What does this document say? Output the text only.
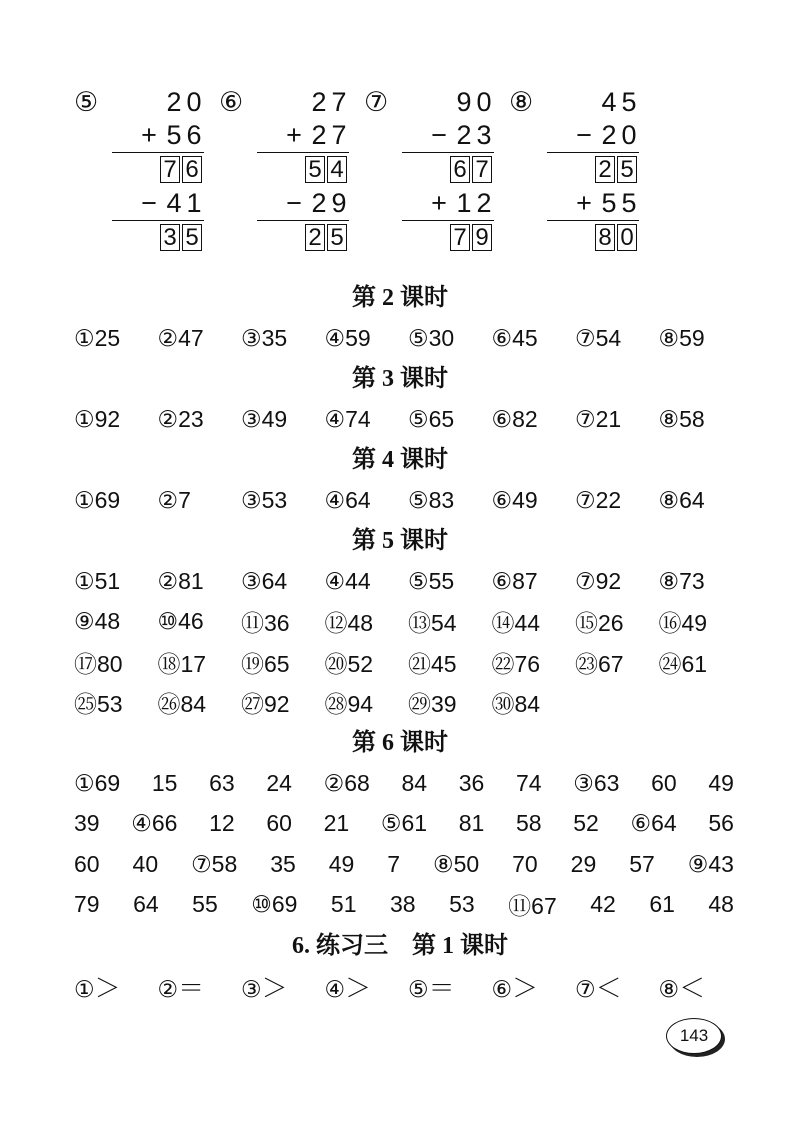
⑤	2 0
+ 5 6
7 6
− 4 1
3 5
⑥	2 7
+ 2 7
5 4
− 2 9
2 5
⑦	9 0
− 2 3
6 7
+ 1 2
7 9
⑧	4 5
− 2 0
2 5
+ 5 5
8 0
第 2 课时
①25	②47	③35	④59	⑤30	⑥45	⑦54	⑧59
第 3 课时
①92	②23	③49	④74	⑤65	⑥82	⑦21	⑧58
第 4 课时
①69	②7	③53	④64	⑤83	⑥49	⑦22	⑧64
第 5 课时
①51	②81	③64	④44	⑤55	⑥87	⑦92	⑧73
⑨48	⑩46	⑪36	⑫48	⑬54	⑭44	⑮26	⑯49
⑰80	⑱17	⑲65	⑳52	㉑45	㉒76	㉓67	㉔61
㉕53	㉖84	㉗92	㉘94	㉙39	㉚84
第 6 课时
①69 15 63 24 ②68 84 36 74 ③63 60 49
39 ④66 12 60 21 ⑤61 81 58 52 ⑥64 56
60 40 ⑦58 35 49 7 ⑧50 70 29 57 ⑨43
79 64 55 ⑩69 51 38 53 ⑪67 42 61 48
6. 练习三　第 1 课时
①＞	②＝	③＞	④＞	⑤＝	⑥＞	⑦＜	⑧＜
143
